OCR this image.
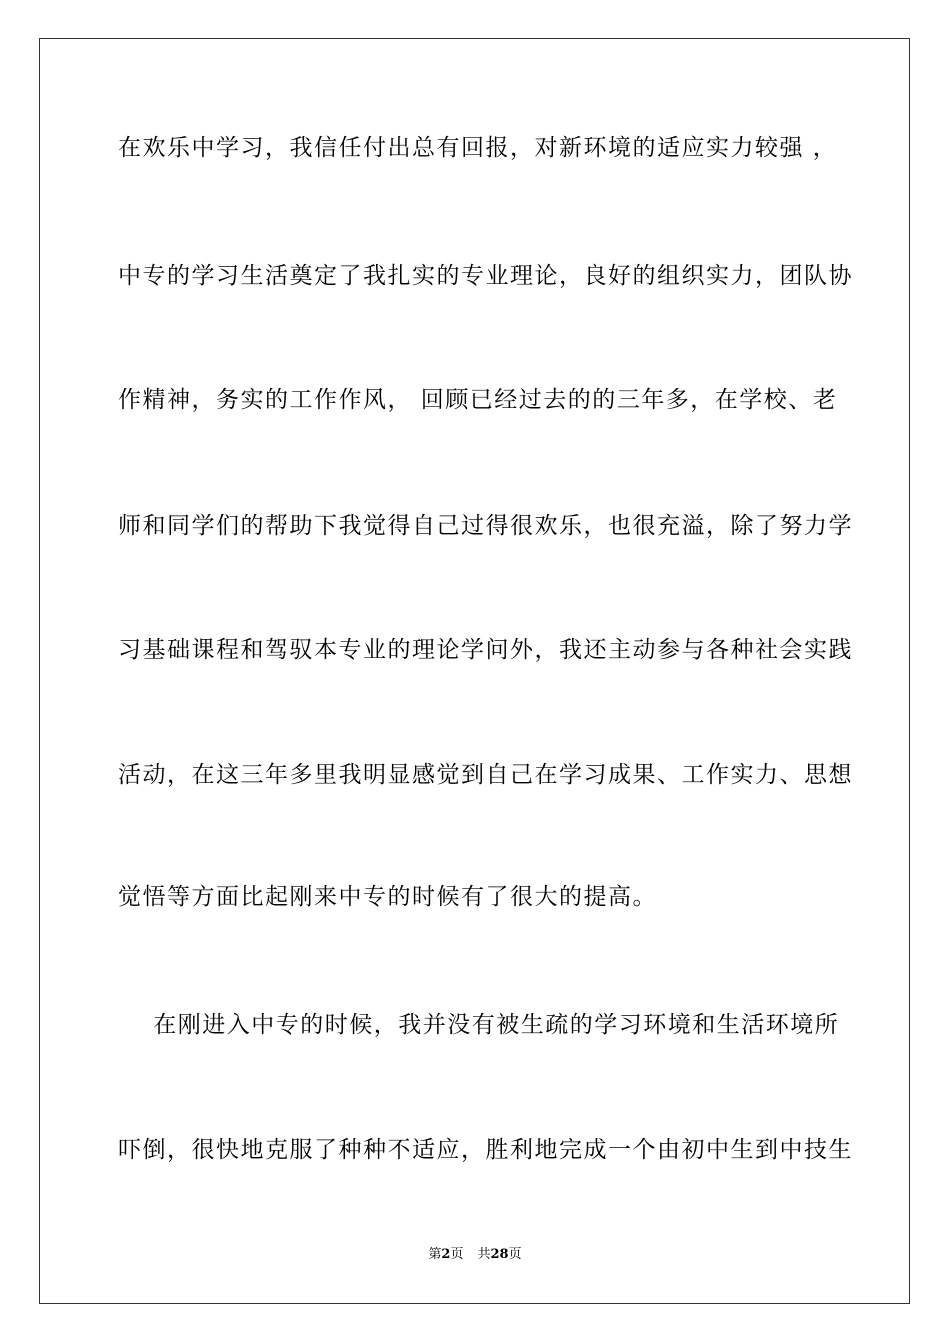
在欢乐中学习，我信任付出总有回报，对新环境的适应实力较强 ，
中专的学习生活奠定了我扎实的专业理论，良好的组织实力，团队协
作精神，务实的工作作风， 回顾已经过去的的三年多，在学校、老
师和同学们的帮助下我觉得自己过得很欢乐，也很充溢，除了努力学
习基础课程和驾驭本专业的理论学问外，我还主动参与各种社会实践
活动，在这三年多里我明显感觉到自己在学习成果、工作实力、思想
觉悟等方面比起刚来中专的时候有了很大的提高。
在刚进入中专的时候，我并没有被生疏的学习环境和生活环境所
吓倒，很快地克服了种种不适应，胜利地完成一个由初中生到中技生
第2页 共28页
